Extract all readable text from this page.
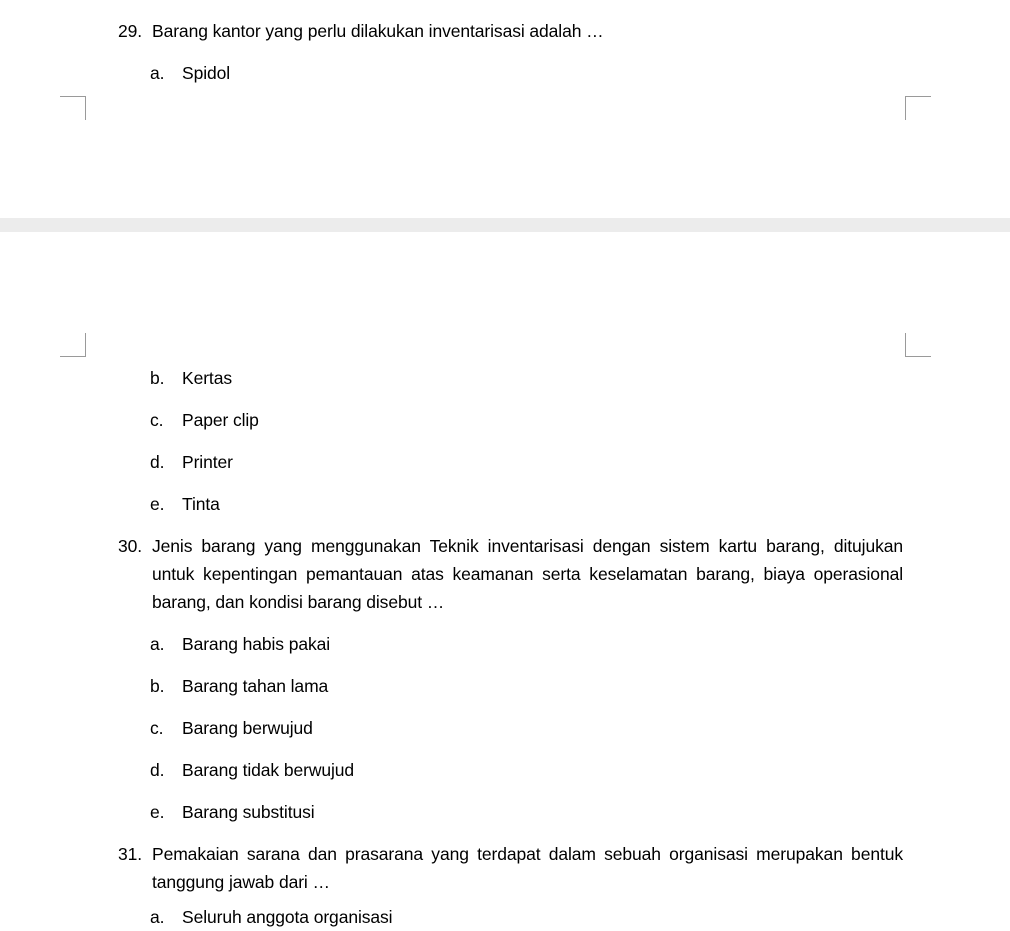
29. Barang kantor yang perlu dilakukan inventarisasi adalah …
a.	Spidol
b.	Kertas
c.	Paper clip
d.	Printer
e.	Tinta
30. Jenis barang yang menggunakan Teknik inventarisasi dengan sistem kartu barang, ditujukan untuk kepentingan pemantauan atas keamanan serta keselamatan barang, biaya operasional barang, dan kondisi barang disebut …
a.	Barang habis pakai
b.	Barang tahan lama
c.	Barang berwujud
d.	Barang tidak berwujud
e.	Barang substitusi
31. Pemakaian sarana dan prasarana yang terdapat dalam sebuah organisasi merupakan bentuk tanggung jawab dari …
a.	Seluruh anggota organisasi
